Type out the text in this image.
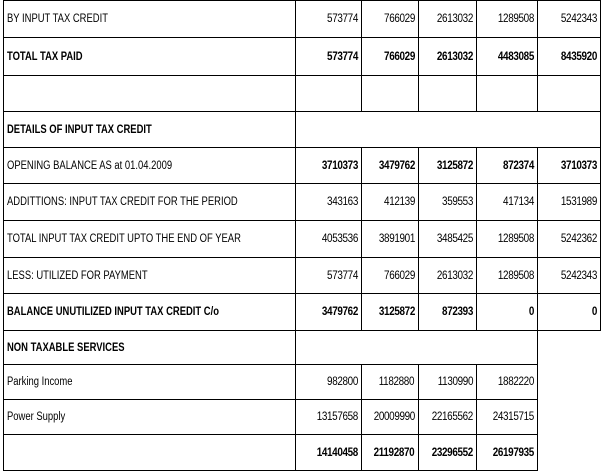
BY INPUT TAX CREDIT	573774	766029	2613032	1289508	5242343
TOTAL TAX PAID	573774	766029	2613032	4483085	8435920

DETAILS OF INPUT TAX CREDIT					
OPENING BALANCE AS at 01.04.2009	3710373	3479762	3125872	872374	3710373
ADDITTIONS: INPUT TAX CREDIT FOR THE PERIOD	343163	412139	359553	417134	1531989
TOTAL INPUT TAX CREDIT UPTO THE END OF YEAR	4053536	3891901	3485425	1289508	5242362
LESS: UTILIZED FOR PAYMENT	573774	766029	2613032	1289508	5242343
BALANCE UNUTILIZED INPUT TAX CREDIT C/o	3479762	3125872	872393	0	0
NON TAXABLE SERVICES					
Parking Income	982800	1182880	1130990	1882220	
Power Supply	13157658	20009990	22165562	24315715	
	14140458	21192870	23296552	26197935	
